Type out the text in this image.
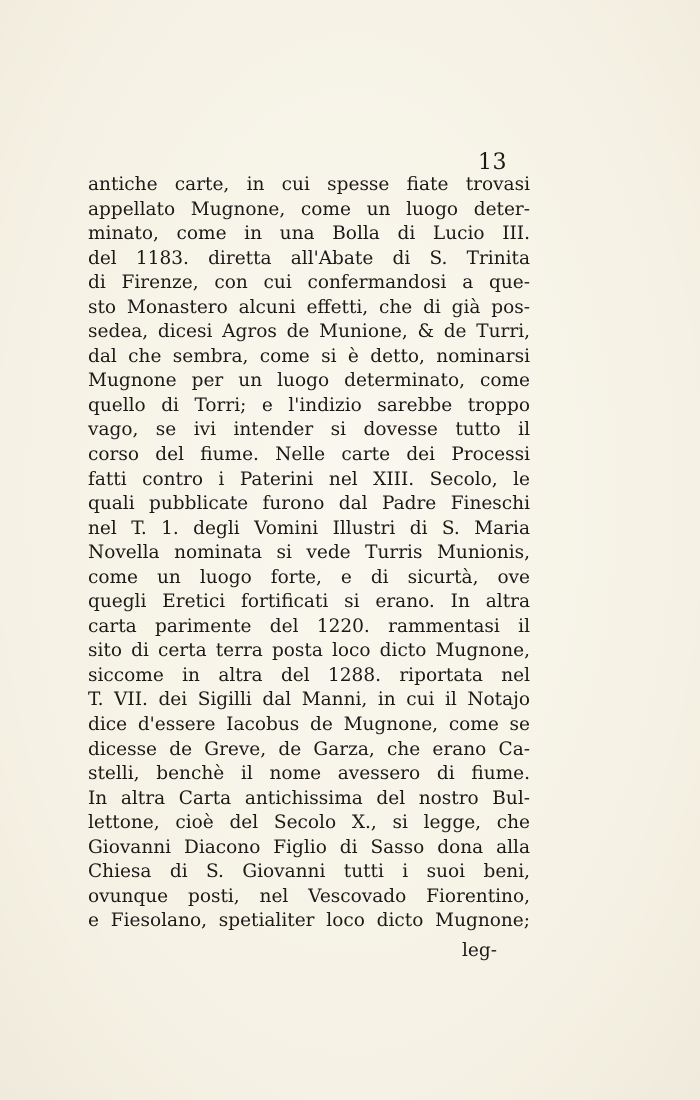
13
antiche carte, in cui spesse fiate trovasi
appellato Mugnone, come un luogo deter-
minato, come in una Bolla di Lucio III.
del 1183. diretta all'Abate di S. Trinita
di Firenze, con cui confermandosi a que-
sto Monastero alcuni effetti, che di già pos-
sedea, dicesi Agros de Munione, & de Turri,
dal che sembra, come si è detto, nominarsi
Mugnone per un luogo determinato, come
quello di Torri; e l'indizio sarebbe troppo
vago, se ivi intender si dovesse tutto il
corso del fiume. Nelle carte dei Processi
fatti contro i Paterini nel XIII. Secolo, le
quali pubblicate furono dal Padre Fineschi
nel T. 1. degli Vomini Illustri di S. Maria
Novella nominata si vede Turris Munionis,
come un luogo forte, e di sicurtà, ove
quegli Eretici fortificati si erano. In altra
carta parimente del 1220. rammentasi il
sito di certa terra posta loco dicto Mugnone,
siccome in altra del 1288. riportata nel
T. VII. dei Sigilli dal Manni, in cui il Notajo
dice d'essere Iacobus de Mugnone, come se
dicesse de Greve, de Garza, che erano Ca-
stelli, benchè il nome avessero di fiume.
In altra Carta antichissima del nostro Bul-
lettone, cioè del Secolo X., si legge, che
Giovanni Diacono Figlio di Sasso dona alla
Chiesa di S. Giovanni tutti i suoi beni,
ovunque posti, nel Vescovado Fiorentino,
e Fiesolano, spetialiter loco dicto Mugnone;
leg-
